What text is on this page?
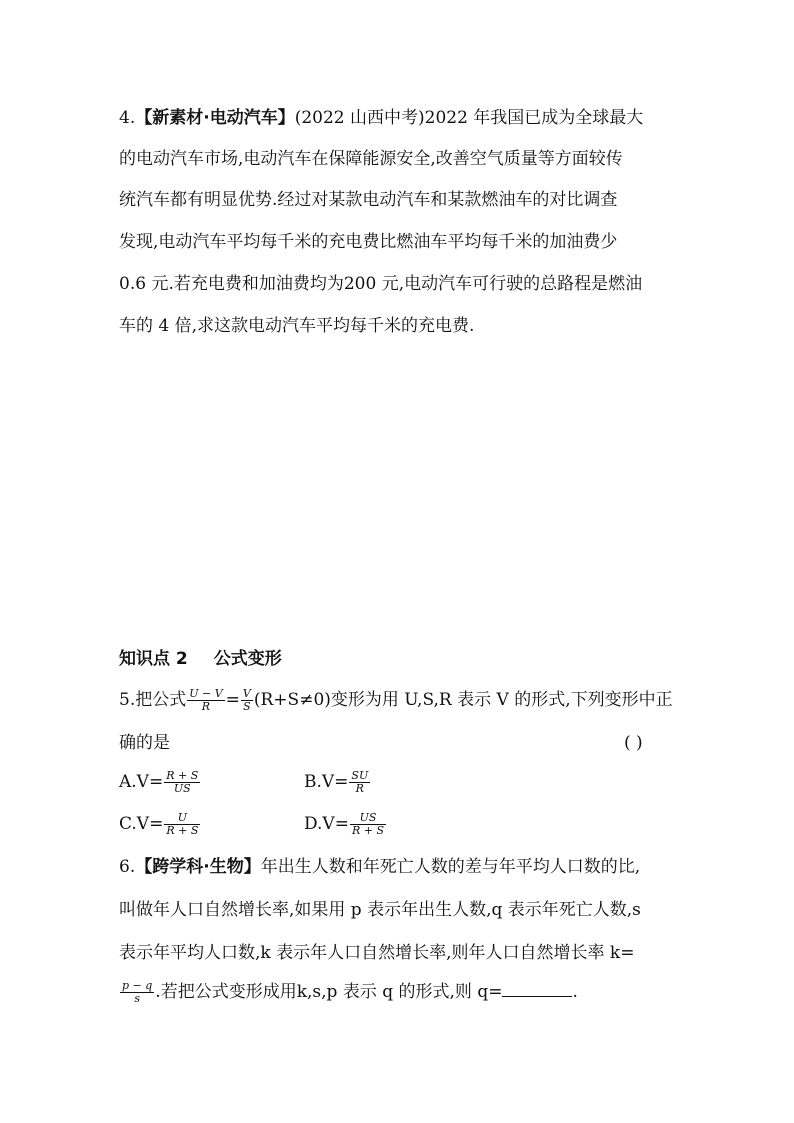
4.【新素材·电动汽车】(2022 山西中考)2022 年我国已成为全球最大
的电动汽车市场,电动汽车在保障能源安全,改善空气质量等方面较传
统汽车都有明显优势.经过对某款电动汽车和某款燃油车的对比调查
发现,电动汽车平均每千米的充电费比燃油车平均每千米的加油费少
0.6 元.若充电费和加油费均为200 元,电动汽车可行驶的总路程是燃油
车的 4 倍,求这款电动汽车平均每千米的充电费.
知识点 2 公式变形
5.把公式 $\frac{U - V}{R} = \frac{V}{S} (R+S\ne 0)$变形为用 U,S,R 表示 V 的形式,下列变形中正
确的是	( )
$A.V= \frac{R + S}{US}$	$B.V= \frac{SU}{R}$
$C.V= \frac{U}{R + S}$	$D.V= \frac{US}{R + S}$
6.【跨学科·生物】年出生人数和年死亡人数的差与年平均人口数的比,
叫做年人口自然增长率,如果用 p 表示年出生人数,q 表示年死亡人数,s
表示年平均人口数,k 表示年人口自然增长率,则年人口自然增长率 k=
$\frac{p - q}{s}$ .若把公式变形成用k,s,p 表示 q 的形式,则 q=	.
